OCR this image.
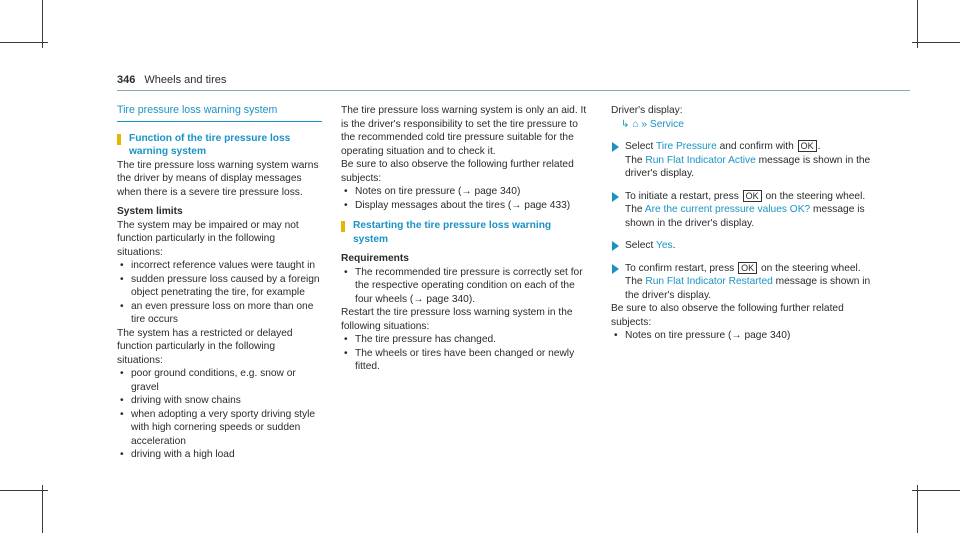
346 Wheels and tires
Tire pressure loss warning system
Function of the tire pressure loss warning system

The tire pressure loss warning system warns the driver by means of display messages when there is a severe tire pressure loss.

System limits

The system may be impaired or may not function particularly in the following situations:

• incorrect reference values were taught in
• sudden pressure loss caused by a foreign object penetrating the tire, for example
• an even pressure loss on more than one tire occurs

The system has a restricted or delayed function particularly in the following situations:

• poor ground conditions, e.g. snow or gravel
• driving with snow chains
• when adopting a very sporty driving style with high cornering speeds or sudden acceleration
• driving with a high load

The tire pressure loss warning system is only an aid. It is the driver's responsibility to set the tire pressure to the recommended cold tire pressure suitable for the operating situation and to check it.

Be sure to also observe the following further related subjects:

• Notes on tire pressure (→ page 340)
• Display messages about the tires (→ page 433)
Restarting the tire pressure loss warning system

Requirements

• The recommended tire pressure is correctly set for the respective operating condition on each of the four wheels (→ page 340).

Restart the tire pressure loss warning system in the following situations:

• The tire pressure has changed.
• The wheels or tires have been changed or newly fitted.

Driver's display:

↳ ⌂ » Service
Select Tire Pressure and confirm with OK .
The Run Flat Indicator Active message is shown in the driver's display.
To initiate a restart, press OK on the steering wheel.
The Are the current pressure values OK? message is shown in the driver's display.
Select Yes.
To confirm restart, press OK on the steering wheel.
The Run Flat Indicator Restarted message is shown in the driver's display.

Be sure to also observe the following further related subjects:

• Notes on tire pressure (→ page 340)
